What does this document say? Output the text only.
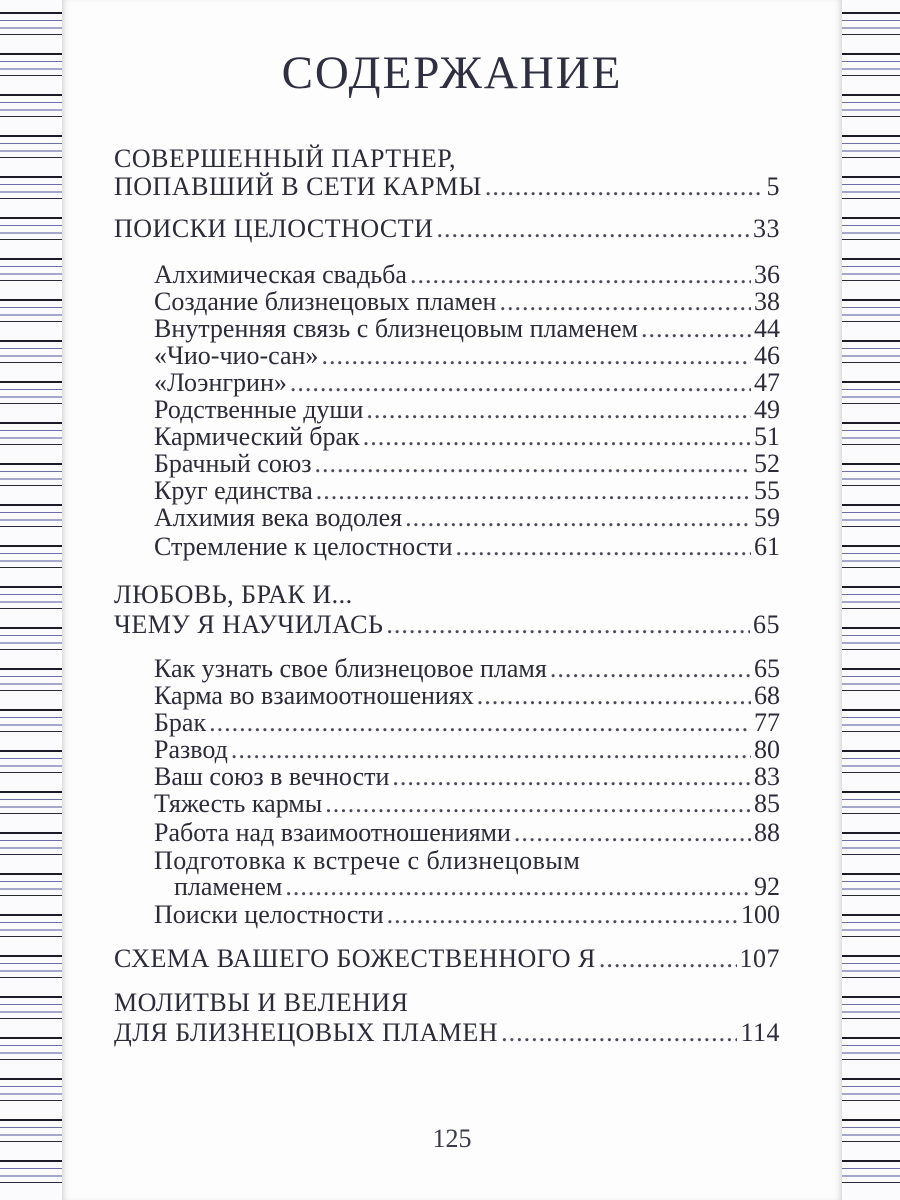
СОДЕРЖАНИЕ
СОВЕРШЕННЫЙ ПАРТНЕР,
ПОПАВШИЙ В СЕТИ КАРМЫ .....	5
ПОИСКИ ЦЕЛОСТНОСТИ .....	33
Алхимическая свадьба .....	36
Создание близнецовых пламен .....	38
Внутренняя связь с близнецовым пламенем .....	44
«Чио-чио-сан» .....	46
«Лоэнгрин» .....	47
Родственные души .....	49
Кармический брак .....	51
Брачный союз .....	52
Круг единства .....	55
Алхимия века водолея .....	59
Стремление к целостности .....	61
ЛЮБОВЬ, БРАК И...
ЧЕМУ Я НАУЧИЛАСЬ .....	65
Как узнать свое близнецовое пламя .....	65
Карма во взаимоотношениях .....	68
Брак .....	77
Развод .....	80
Ваш союз в вечности .....	83
Тяжесть кармы .....	85
Работа над взаимоотношениями .....	88
Подготовка к встрече с близнецовым
пламенем .....	92
Поиски целостности .....	100
СХЕМА ВАШЕГО БОЖЕСТВЕННОГО Я .....	107
МОЛИТВЫ И ВЕЛЕНИЯ
ДЛЯ БЛИЗНЕЦОВЫХ ПЛАМЕН .....	114
125
